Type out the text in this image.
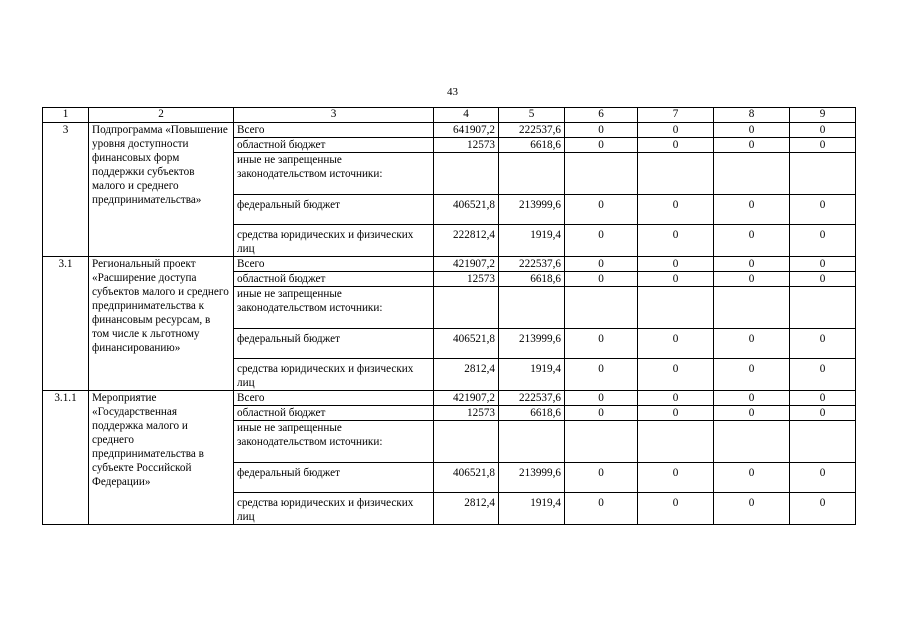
43
1	2	3	4	5	6	7	8	9
3	Подпрограмма «Повышение уровня доступности финансовых форм поддержки субъектов малого и среднего предпринимательства»	Всего	641907,2	222537,6	0	0	0	0
		областной бюджет	12573	6618,6	0	0	0	0
		иные не запрещенные законодательством источники:						
		федеральный бюджет	406521,8	213999,6	0	0	0	0
		средства юридических и физических лиц	222812,4	1919,4	0	0	0	0
3.1	Региональный проект «Расширение доступа субъектов малого и среднего предпринимательства к финансовым ресурсам, в том числе к льготному финансированию»	Всего	421907,2	222537,6	0	0	0	0
		областной бюджет	12573	6618,6	0	0	0	0
		иные не запрещенные законодательством источники:						
		федеральный бюджет	406521,8	213999,6	0	0	0	0
		средства юридических и физических лиц	2812,4	1919,4	0	0	0	0
3.1.1	Мероприятие «Государственная поддержка малого и среднего предпринимательства в субъекте Российской Федерации»	Всего	421907,2	222537,6	0	0	0	0
		областной бюджет	12573	6618,6	0	0	0	0
		иные не запрещенные законодательством источники:						
		федеральный бюджет	406521,8	213999,6	0	0	0	0
		средства юридических и физических лиц	2812,4	1919,4	0	0	0	0
